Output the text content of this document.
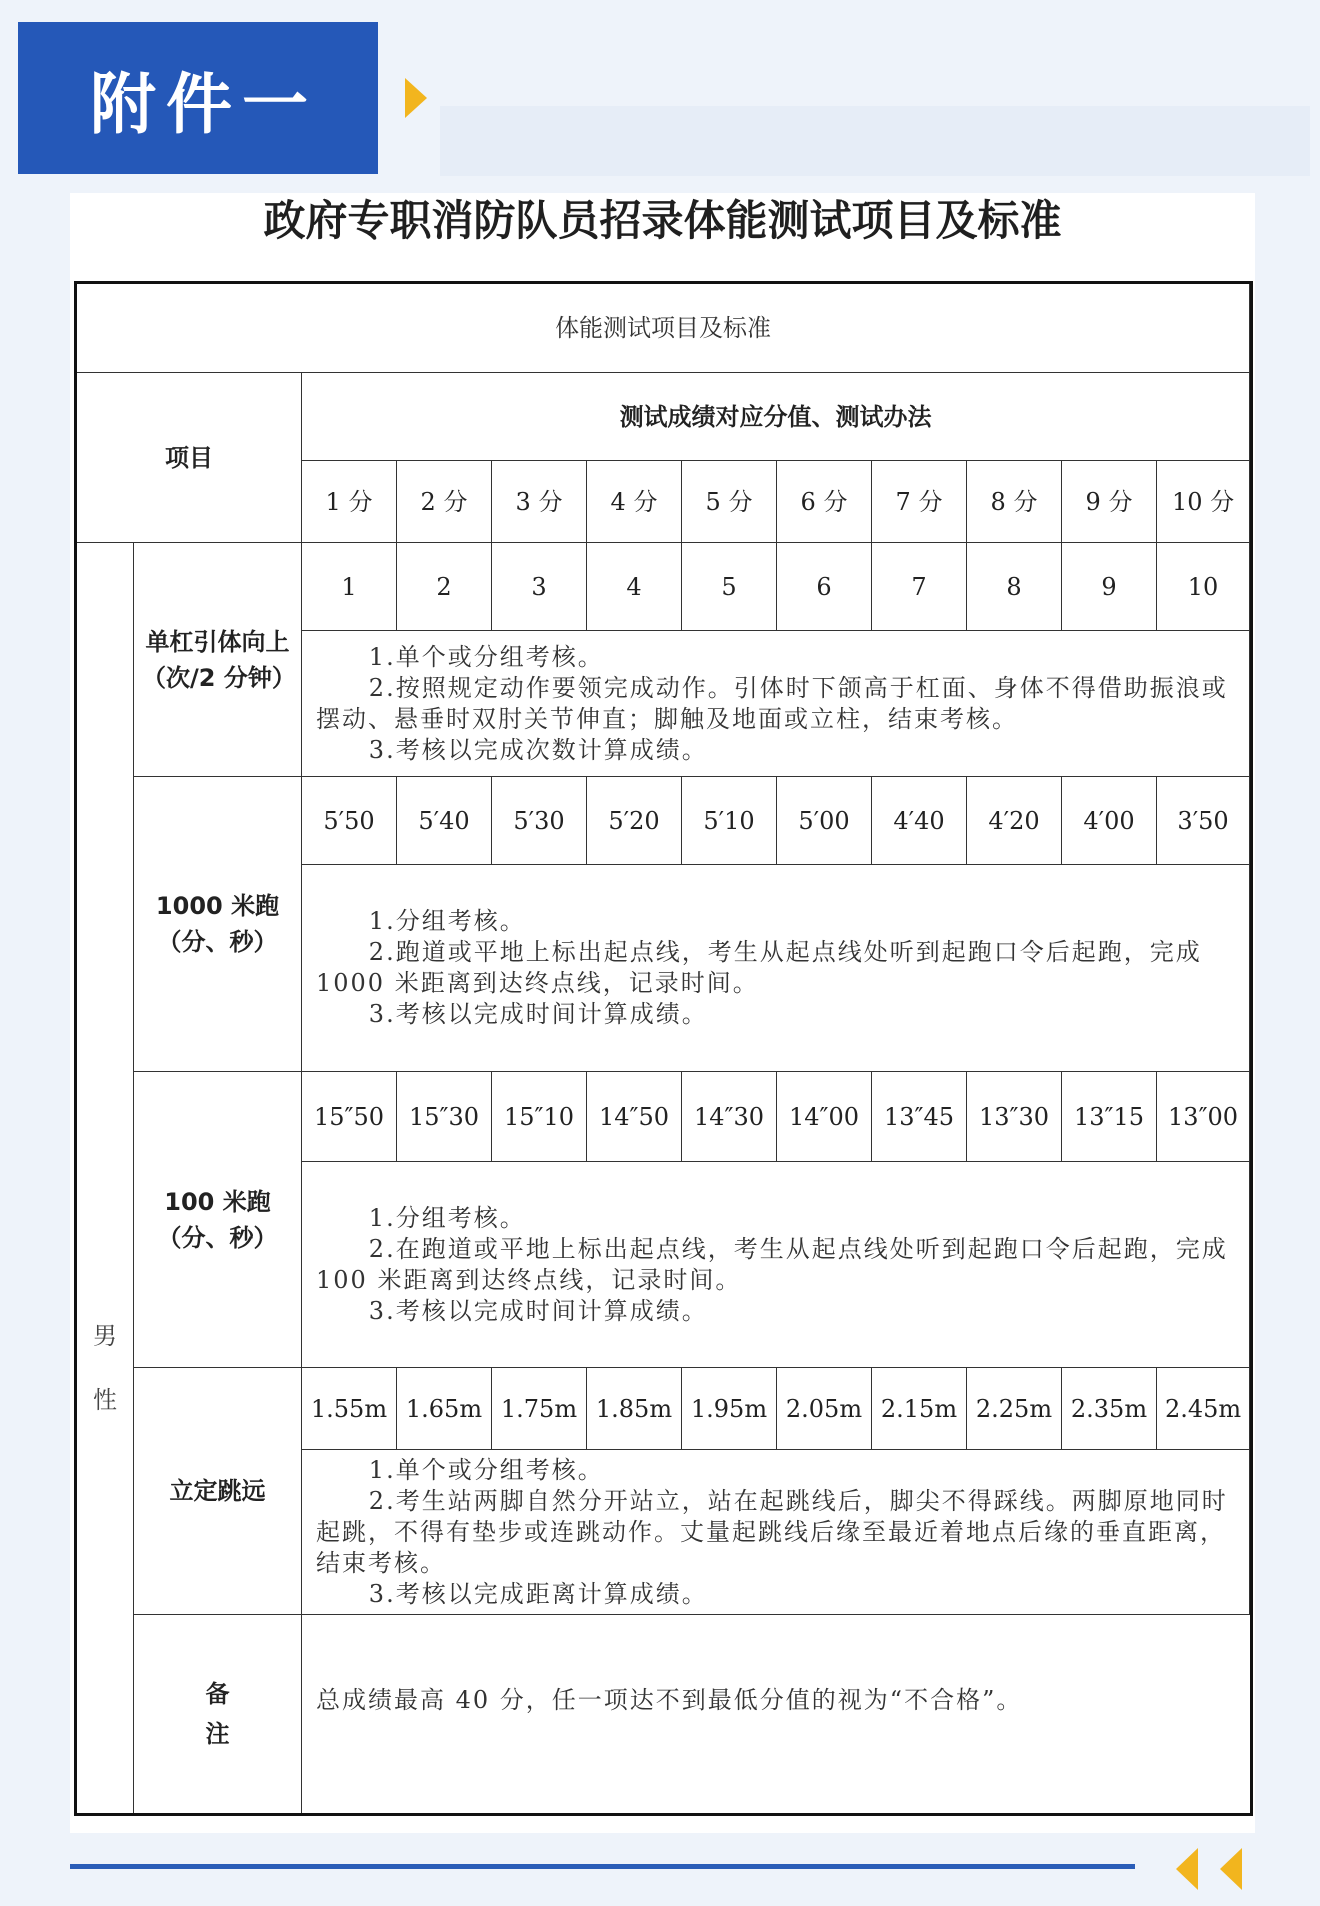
附件一
政府专职消防队员招录体能测试项目及标准
体能测试项目及标准											
项目		测试成绩对应分值、测试办法									
		1 分	2 分	3 分	4 分	5 分	6 分	7 分	8 分	9 分	10 分

男
性	单杠引体向上（次/2 分钟）	1	2	3	4	5	6	7	8	9	10

		1.单个或分组考核。
2.按照规定动作要领完成动作。引体时下颌高于杠面、身体不得借助振浪或摆动、悬垂时双肘关节伸直；脚触及地面或立柱，结束考核。
3.考核以完成次数计算成绩。									

	1000 米跑（分、秒）	5′50	5′40	5′30	5′20	5′10	5′00	4′40	4′20	4′00	3′50

		1.分组考核。
2.跑道或平地上标出起点线，考生从起点线处听到起跑口令后起跑，完成 1000 米距离到达终点线，记录时间。
3.考核以完成时间计算成绩。									

	100 米跑（分、秒）	15″50	15″30	15″10	14″50	14″30	14″00	13″45	13″30	13″15	13″00

		1.分组考核。
2.在跑道或平地上标出起点线，考生从起点线处听到起跑口令后起跑，完成 100 米距离到达终点线，记录时间。
3.考核以完成时间计算成绩。									

	立定跳远	1.55m	1.65m	1.75m	1.85m	1.95m	2.05m	2.15m	2.25m	2.35m	2.45m

		1.单个或分组考核。
2.考生站两脚自然分开站立，站在起跳线后，脚尖不得踩线。两脚原地同时起跳，不得有垫步或连跳动作。丈量起跳线后缘至最近着地点后缘的垂直距离，结束考核。
3.考核以完成距离计算成绩。									

	备
注	总成绩最高 40 分，任一项达不到最低分值的视为“不合格”。									
